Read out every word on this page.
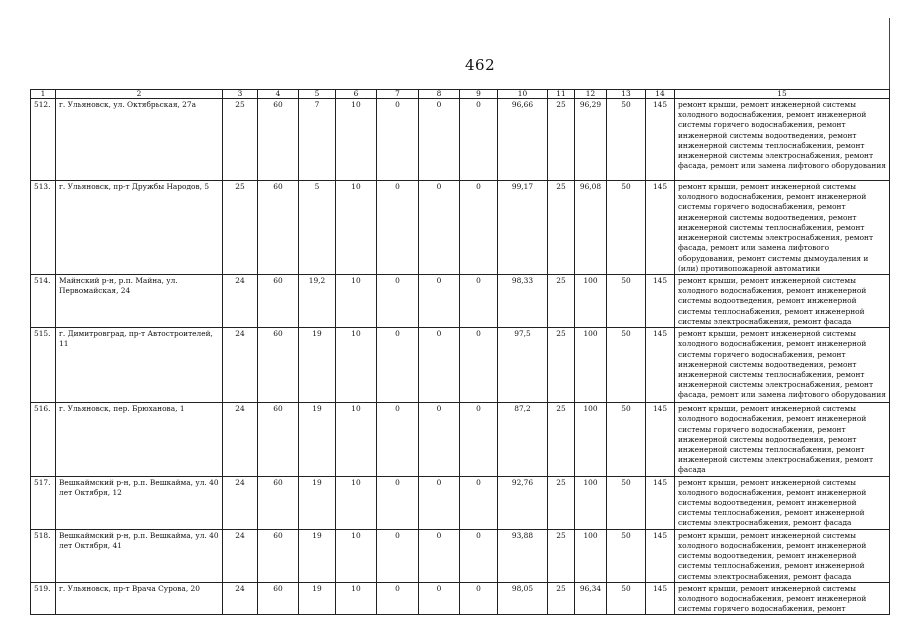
462
1	2	3	4	5	6	7	8	9	10	11	12	13	14	15
512.	г. Ульяновск, ул. Октябрьская, 27а	25	60	7	10	0	0	0	96,66	25	96,29	50	145	ремонт крыши, ремонт инженерной системы холодного водоснабжения, ремонт инженерной системы горячего водоснабжения, ремонт инженерной системы водоотведения, ремонт инженерной системы теплоснабжения, ремонт инженерной системы электроснабжения, ремонт фасада, ремонт или замена лифтового оборудования
513.	г. Ульяновск, пр-т Дружбы Народов, 5	25	60	5	10	0	0	0	99,17	25	96,08	50	145	ремонт крыши, ремонт инженерной системы холодного водоснабжения, ремонт инженерной системы горячего водоснабжения, ремонт инженерной системы водоотведения, ремонт инженерной системы теплоснабжения, ремонт инженерной системы электроснабжения, ремонт фасада, ремонт или замена лифтового оборудования, ремонт системы дымоудаления и (или) противопожарной автоматики
514.	Майнский р-н, р.п. Майна, ул. Первомайская, 24	24	60	19,2	10	0	0	0	98,33	25	100	50	145	ремонт крыши, ремонт инженерной системы холодного водоснабжения, ремонт инженерной системы водоотведения, ремонт инженерной системы теплоснабжения, ремонт инженерной системы электроснабжения, ремонт фасада
515.	г. Димитровград, пр-т Автостроителей, 11	24	60	19	10	0	0	0	97,5	25	100	50	145	ремонт крыши, ремонт инженерной системы холодного водоснабжения, ремонт инженерной системы горячего водоснабжения, ремонт инженерной системы водоотведения, ремонт инженерной системы теплоснабжения, ремонт инженерной системы электроснабжения, ремонт фасада, ремонт или замена лифтового оборудования
516.	г. Ульяновск, пер. Брюханова, 1	24	60	19	10	0	0	0	87,2	25	100	50	145	ремонт крыши, ремонт инженерной системы холодного водоснабжения, ремонт инженерной системы горячего водоснабжения, ремонт инженерной системы водоотведения, ремонт инженерной системы теплоснабжения, ремонт инженерной системы электроснабжения, ремонт фасада
517.	Вешкаймский р-н, р.п. Вешкайма, ул. 40 лет Октября, 12	24	60	19	10	0	0	0	92,76	25	100	50	145	ремонт крыши, ремонт инженерной системы холодного водоснабжения, ремонт инженерной системы водоотведения, ремонт инженерной системы теплоснабжения, ремонт инженерной системы электроснабжения, ремонт фасада
518.	Вешкаймский р-н, р.п. Вешкайма, ул. 40 лет Октября, 41	24	60	19	10	0	0	0	93,88	25	100	50	145	ремонт крыши, ремонт инженерной системы холодного водоснабжения, ремонт инженерной системы водоотведения, ремонт инженерной системы теплоснабжения, ремонт инженерной системы электроснабжения, ремонт фасада
519.	г. Ульяновск, пр-т Врача Сурова, 20	24	60	19	10	0	0	0	98,05	25	96,34	50	145	ремонт крыши, ремонт инженерной системы холодного водоснабжения, ремонт инженерной системы горячего водоснабжения, ремонт
